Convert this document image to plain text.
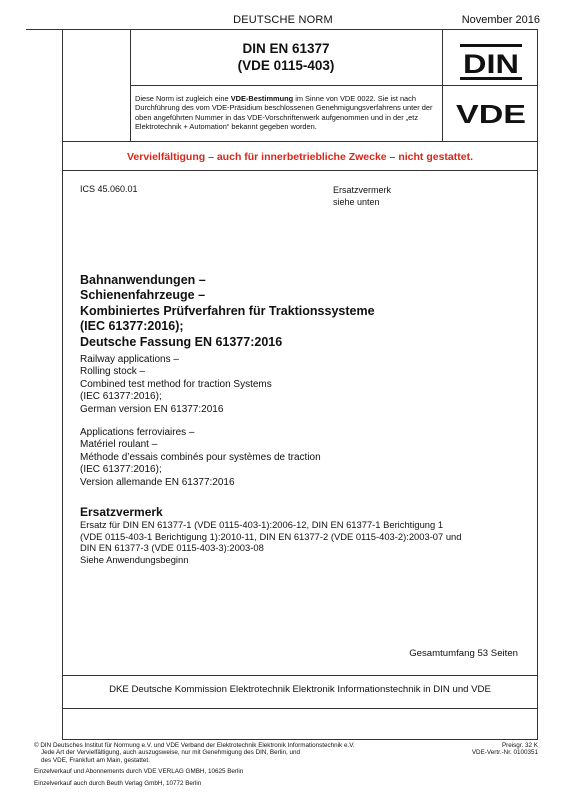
DEUTSCHE NORM	November 2016
DIN EN 61377
(VDE 0115-403)	DIN
Diese Norm ist zugleich eine VDE-Bestimmung im Sinne von VDE 0022. Sie ist nach Durchführung des vom VDE-Präsidium beschlossenen Genehmigungsverfahrens unter der oben angeführten Nummer in das VDE-Vorschriftenwerk aufgenommen und in der „etz Elektrotechnik + Automation“ bekannt gegeben worden.	VDE
Vervielfältigung – auch für innerbetriebliche Zwecke – nicht gestattet.
ICS 45.060.01	Ersatzvermerk
siehe unten
Bahnanwendungen –
Schienenfahrzeuge –
Kombiniertes Prüfverfahren für Traktionssysteme
(IEC 61377:2016);
Deutsche Fassung EN 61377:2016
Railway applications –
Rolling stock –
Combined test method for traction Systems
(IEC 61377:2016);
German version EN 61377:2016
Applications ferroviaires –
Matériel roulant –
Méthode d’essais combinés pour systèmes de traction
(IEC 61377:2016);
Version allemande EN 61377:2016
Ersatzvermerk
Ersatz für DIN EN 61377-1 (VDE 0115-403-1):2006-12, DIN EN 61377-1 Berichtigung 1
(VDE 0115-403-1 Berichtigung 1):2010-11, DIN EN 61377-2 (VDE 0115-403-2):2003-07 und
DIN EN 61377-3 (VDE 0115-403-3):2003-08
Siehe Anwendungsbeginn
Gesamtumfang 53 Seiten
DKE Deutsche Kommission Elektrotechnik Elektronik Informationstechnik in DIN und VDE
© DIN Deutsches Institut für Normung e.V. und VDE Verband der Elektrotechnik Elektronik Informationstechnik e.V.
Jede Art der Vervielfältigung, auch auszugsweise, nur mit Genehmigung des DIN, Berlin, und
des VDE, Frankfurt am Main, gestattet.
Preisgr. 32 K
VDE-Vertr.-Nr. 0100351
Einzelverkauf und Abonnements durch VDE VERLAG GMBH, 10625 Berlin
Einzelverkauf auch durch Beuth Verlag GmbH, 10772 Berlin
